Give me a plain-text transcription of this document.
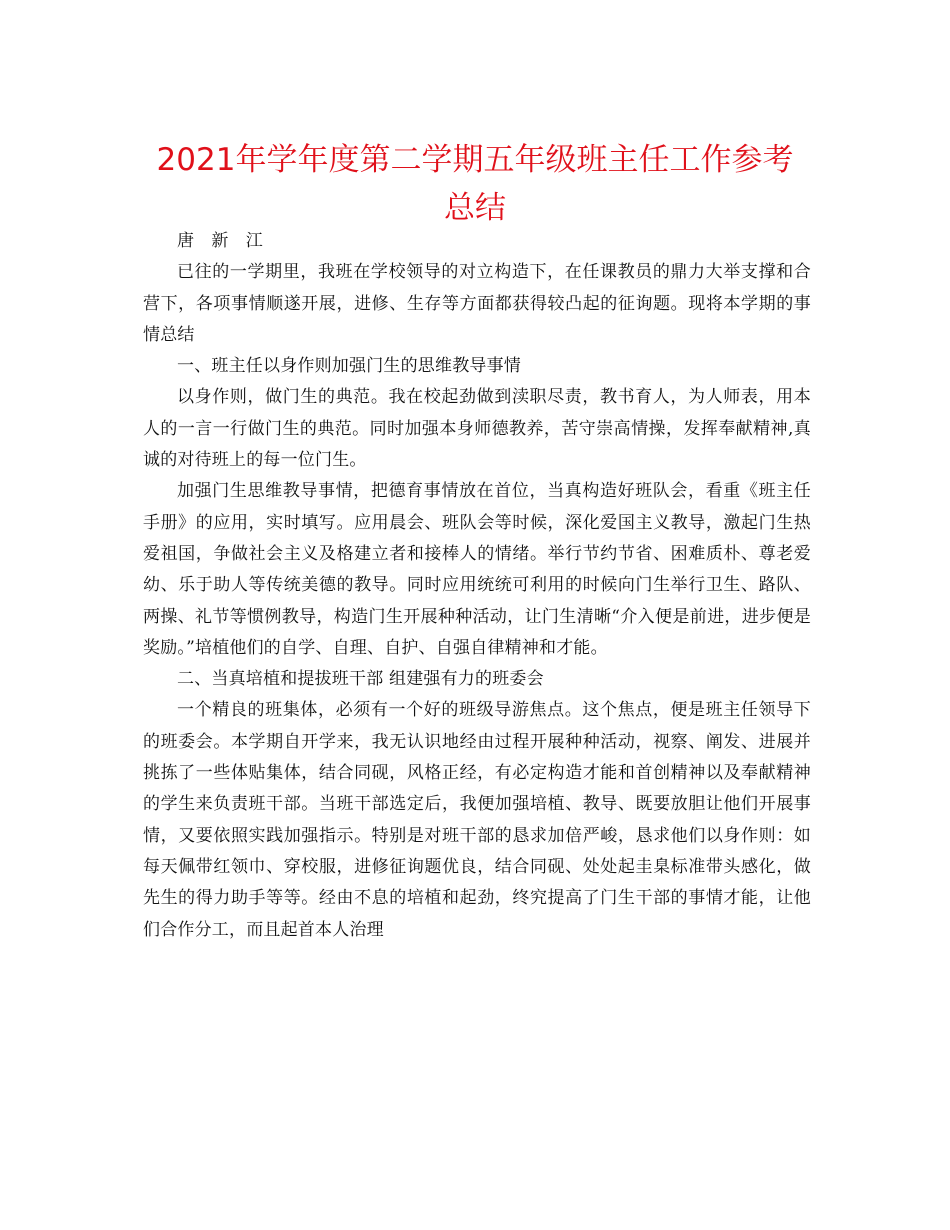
2021年学年度第二学期五年级班主任工作参考
总结

唐 新 江

已往的一学期里，我班在学校领导的对立构造下，在任课教员的鼎力大举支撑和合营下，各项事情顺遂开展，进修、生存等方面都获得较凸起的征询题。现将本学期的事情总结

一、班主任以身作则加强门生的思维教导事情

以身作则，做门生的典范。我在校起劲做到渎职尽责，教书育人，为人师表，用本人的一言一行做门生的典范。同时加强本身师德教养，苦守崇高情操，发挥奉献精神,真诚的对待班上的每一位门生。

加强门生思维教导事情，把德育事情放在首位，当真构造好班队会，看重《班主任手册》的应用，实时填写。应用晨会、班队会等时候，深化爱国主义教导，激起门生热爱祖国，争做社会主义及格建立者和接棒人的情绪。举行节约节省、困难质朴、尊老爱幼、乐于助人等传统美德的教导。同时应用统统可利用的时候向门生举行卫生、路队、两操、礼节等惯例教导，构造门生开展种种活动，让门生清晰“介入便是前进，进步便是奖励。”培植他们的自学、自理、自护、自强自律精神和才能。

二、当真培植和提拔班干部 组建强有力的班委会

一个精良的班集体，必须有一个好的班级导游焦点。这个焦点，便是班主任领导下的班委会。本学期自开学来，我无认识地经由过程开展种种活动，视察、阐发、进展并挑拣了一些体贴集体，结合同砚，风格正经，有必定构造才能和首创精神以及奉献精神的学生来负责班干部。当班干部选定后，我便加强培植、教导、既要放胆让他们开展事情，又要依照实践加强指示。特别是对班干部的恳求加倍严峻，恳求他们以身作则：如每天佩带红领巾、穿校服，进修征询题优良，结合同砚、处处起圭臬标准带头感化，做先生的得力助手等等。经由不息的培植和起劲，终究提高了门生干部的事情才能，让他们合作分工，而且起首本人治理
